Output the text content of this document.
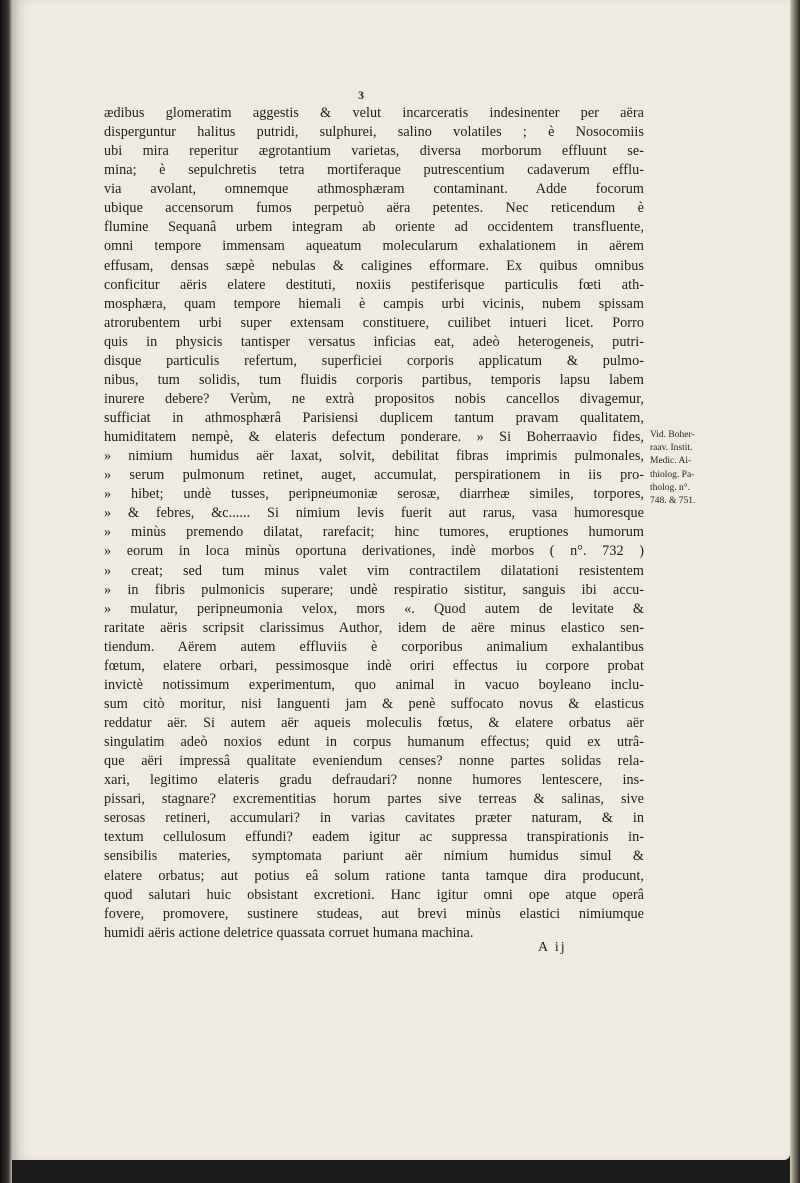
3
ædibus glomeratim aggestis & velut incarceratis indesinenter per aëra
disperguntur halitus putridi, sulphurei, salino volatiles ; è Nosocomiis
ubi mira reperitur ægrotantium varietas, diversa morborum effluunt se-
mina; è sepulchretis tetra mortiferaque putrescentium cadaverum efflu-
via avolant, omnemque athmosphæram contaminant. Adde focorum
ubique accensorum fumos perpetuò aëra petentes. Nec reticendum è
flumine Sequanâ urbem integram ab oriente ad occidentem transfluente,
omni tempore immensam aqueatum molecularum exhalationem in aërem
effusam, densas sæpè nebulas & caligines efformare. Ex quibus omnibus
conficitur aëris elatere destituti, noxiis pestiferisque particulis fœti ath-
mosphæra, quam tempore hiemali è campis urbi vicinis, nubem spissam
atrorubentem urbi super extensam constituere, cuilibet intueri licet. Porro
quis in physicis tantisper versatus inficias eat, adeò heterogeneis, putri-
disque particulis refertum, superficiei corporis applicatum & pulmo-
nibus, tum solidis, tum fluidis corporis partibus, temporis lapsu labem
inurere debere? Verùm, ne extrà propositos nobis cancellos divagemur,
sufficiat in athmosphærâ Parisiensi duplicem tantum pravam qualitatem,
humiditatem nempè, & elateris defectum ponderare. » Si Boherraavio fides,
» nimium humidus aër laxat, solvit, debilitat fibras imprimis pulmonales,
» serum pulmonum retinet, auget, accumulat, perspirationem in iis pro-
» hibet; undè tusses, peripneumoniæ serosæ, diarrheæ similes, torpores,
» & febres, &c...... Si nimium levis fuerit aut rarus, vasa humoresque
» minùs premendo dilatat, rarefacit; hinc tumores, eruptiones humorum
» eorum in loca minùs oportuna derivationes, indè morbos ( n°. 732 )
» creat; sed tum minus valet vim contractilem dilatationi resistentem
» in fibris pulmonicis superare; undè respiratio sistitur, sanguis ibi accu-
» mulatur, peripneumonia velox, mors «. Quod autem de levitate &
raritate aëris scripsit clarissimus Author, idem de aëre minus elastico sen-
tiendum. Aërem autem effluviis è corporibus animalium exhalantibus
fœtum, elatere orbari, pessimosque indè oriri effectus iu corpore probat
invictè notissimum experimentum, quo animal in vacuo boyleano inclu-
sum citò moritur, nisi languenti jam & penè suffocato novus & elasticus
reddatur aër. Si autem aër aqueis moleculis fœtus, & elatere orbatus aër
singulatim adeò noxios edunt in corpus humanum effectus; quid ex utrâ-
que aëri impressâ qualitate eveniendum censes? nonne partes solidas rela-
xari, legitimo elateris gradu defraudari? nonne humores lentescere, ins-
pissari, stagnare? excrementitias horum partes sive terreas & salinas, sive
serosas retineri, accumulari? in varias cavitates præter naturam, & in
textum cellulosum effundi? eadem igitur ac suppressa transpirationis in-
sensibilis materies, symptomata pariunt aër nimium humidus simul &
elatere orbatus; aut potius eâ solum ratione tanta tamque dira producunt,
quod salutari huic obsistant excretioni. Hanc igitur omni ope atque operâ
fovere, promovere, sustinere studeas, aut brevi minùs elastici nimiumque
humidi aëris actione deletrice quassata corruet humana machina.
Vid. Boher-
raav. Instit.
Medic. Ai-
thiolog. Pa-
tholog. n°.
748. & 751.
A ij
